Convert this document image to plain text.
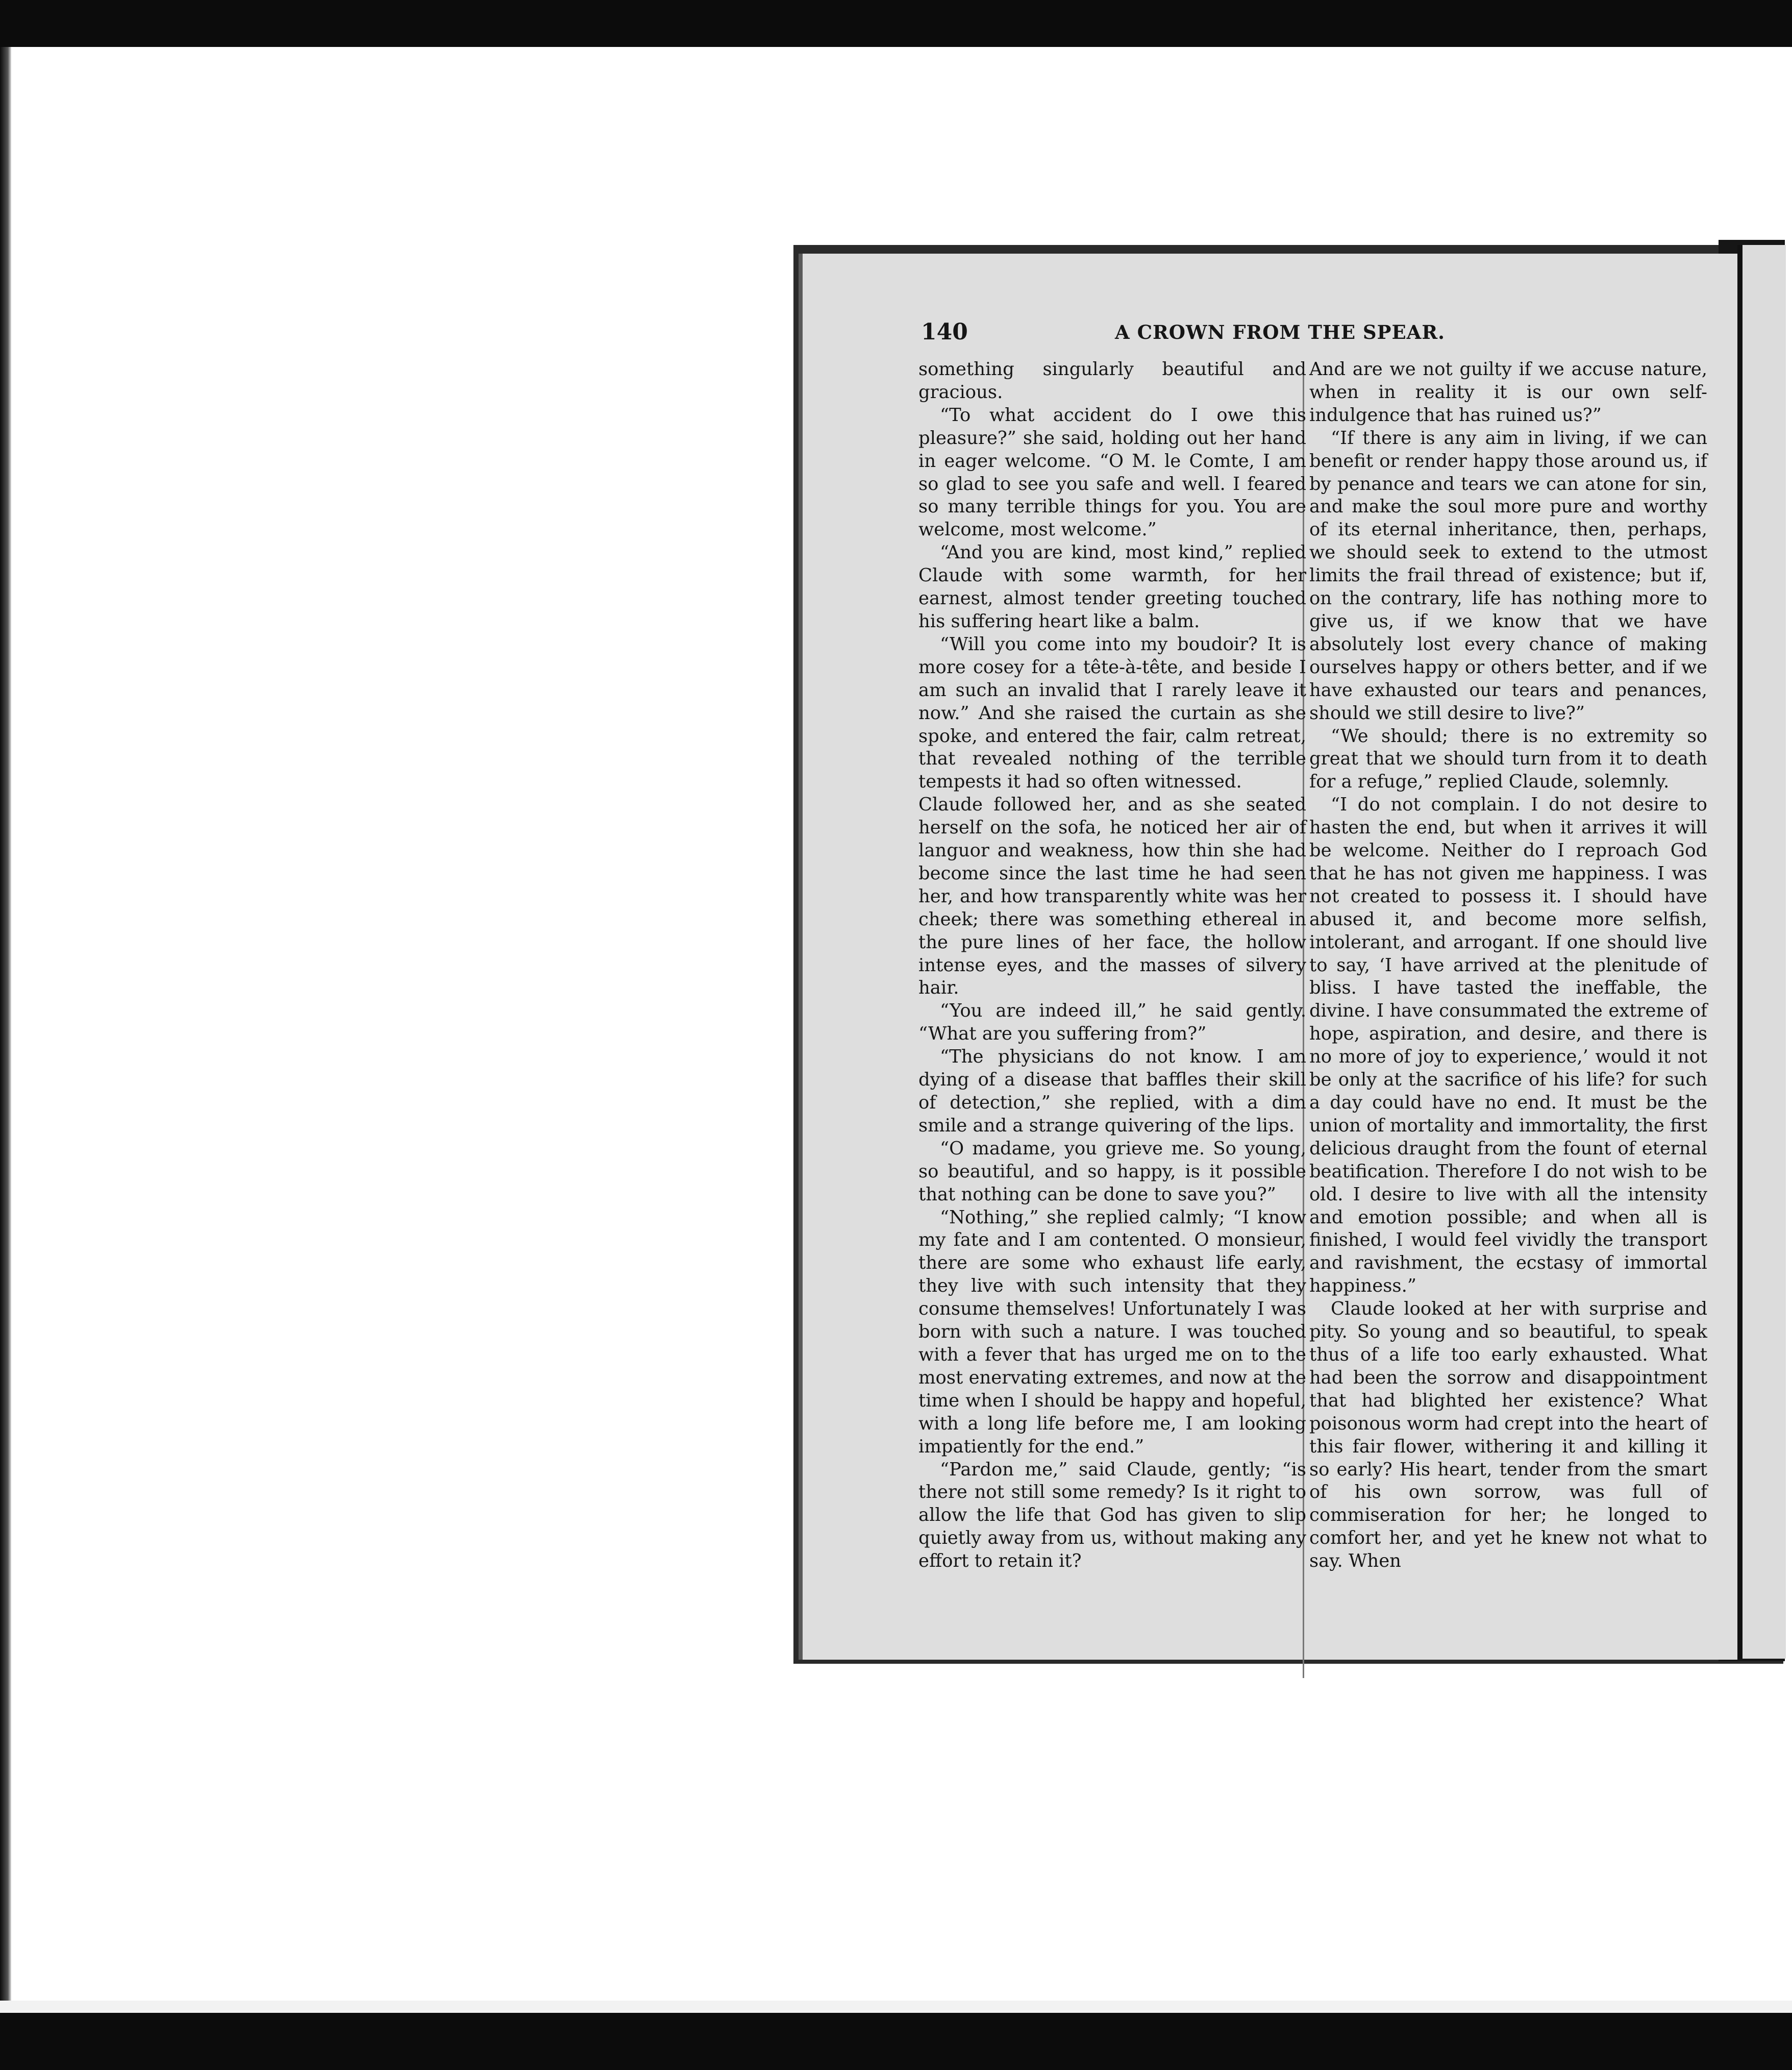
140	A CROWN FROM THE SPEAR.

something singularly beautiful and gracious.

“To what accident do I owe this pleasure?” she said, holding out her hand in eager welcome. “O M. le Comte, I am so glad to see you safe and well. I feared so many terrible things for you. You are welcome, most welcome.”

“And you are kind, most kind,” replied Claude with some warmth, for her earnest, almost tender greeting touched his suffering heart like a balm.

“Will you come into my boudoir? It is more cosey for a tête-à-tête, and beside I am such an invalid that I rarely leave it now.” And she raised the curtain as she spoke, and entered the fair, calm retreat, that revealed nothing of the terrible tempests it had so often witnessed.

Claude followed her, and as she seated herself on the sofa, he noticed her air of languor and weakness, how thin she had become since the last time he had seen her, and how transparently white was her cheek; there was something ethereal in the pure lines of her face, the hollow intense eyes, and the masses of silvery hair.

“You are indeed ill,” he said gently. “What are you suffering from?”

“The physicians do not know. I am dying of a disease that baffles their skill of detection,” she replied, with a dim smile and a strange quivering of the lips.

“O madame, you grieve me. So young, so beautiful, and so happy, is it possible that nothing can be done to save you?”

“Nothing,” she replied calmly; “I know my fate and I am contented. O monsieur, there are some who exhaust life early, they live with such intensity that they consume themselves! Unfortunately I was born with such a nature. I was touched with a fever that has urged me on to the most enervating extremes, and now at the time when I should be happy and hopeful, with a long life before me, I am looking impatiently for the end.”

“Pardon me,” said Claude, gently; “is there not still some remedy? Is it right to allow the life that God has given to slip quietly away from us, without making any effort to retain it?

And are we not guilty if we accuse nature, when in reality it is our own self-indulgence that has ruined us?”

“If there is any aim in living, if we can benefit or render happy those around us, if by penance and tears we can atone for sin, and make the soul more pure and worthy of its eternal inheritance, then, perhaps, we should seek to extend to the utmost limits the frail thread of existence; but if, on the contrary, life has nothing more to give us, if we know that we have absolutely lost every chance of making ourselves happy or others better, and if we have exhausted our tears and penances, should we still desire to live?”

“We should; there is no extremity so great that we should turn from it to death for a refuge,” replied Claude, solemnly.

“I do not complain. I do not desire to hasten the end, but when it arrives it will be welcome. Neither do I reproach God that he has not given me happiness. I was not created to possess it. I should have abused it, and become more selfish, intolerant, and arrogant. If one should live to say, ‘I have arrived at the plenitude of bliss. I have tasted the ineffable, the divine. I have consummated the extreme of hope, aspiration, and desire, and there is no more of joy to experience,’ would it not be only at the sacrifice of his life? for such a day could have no end. It must be the union of mortality and immortality, the first delicious draught from the fount of eternal beatification. Therefore I do not wish to be old. I desire to live with all the intensity and emotion possible; and when all is finished, I would feel vividly the transport and ravishment, the ecstasy of immortal happiness.”

Claude looked at her with surprise and pity. So young and so beautiful, to speak thus of a life too early exhausted. What had been the sorrow and disappointment that had blighted her existence? What poisonous worm had crept into the heart of this fair flower, withering it and killing it so early? His heart, tender from the smart of his own sorrow, was full of commiseration for her; he longed to comfort her, and yet he knew not what to say. When
